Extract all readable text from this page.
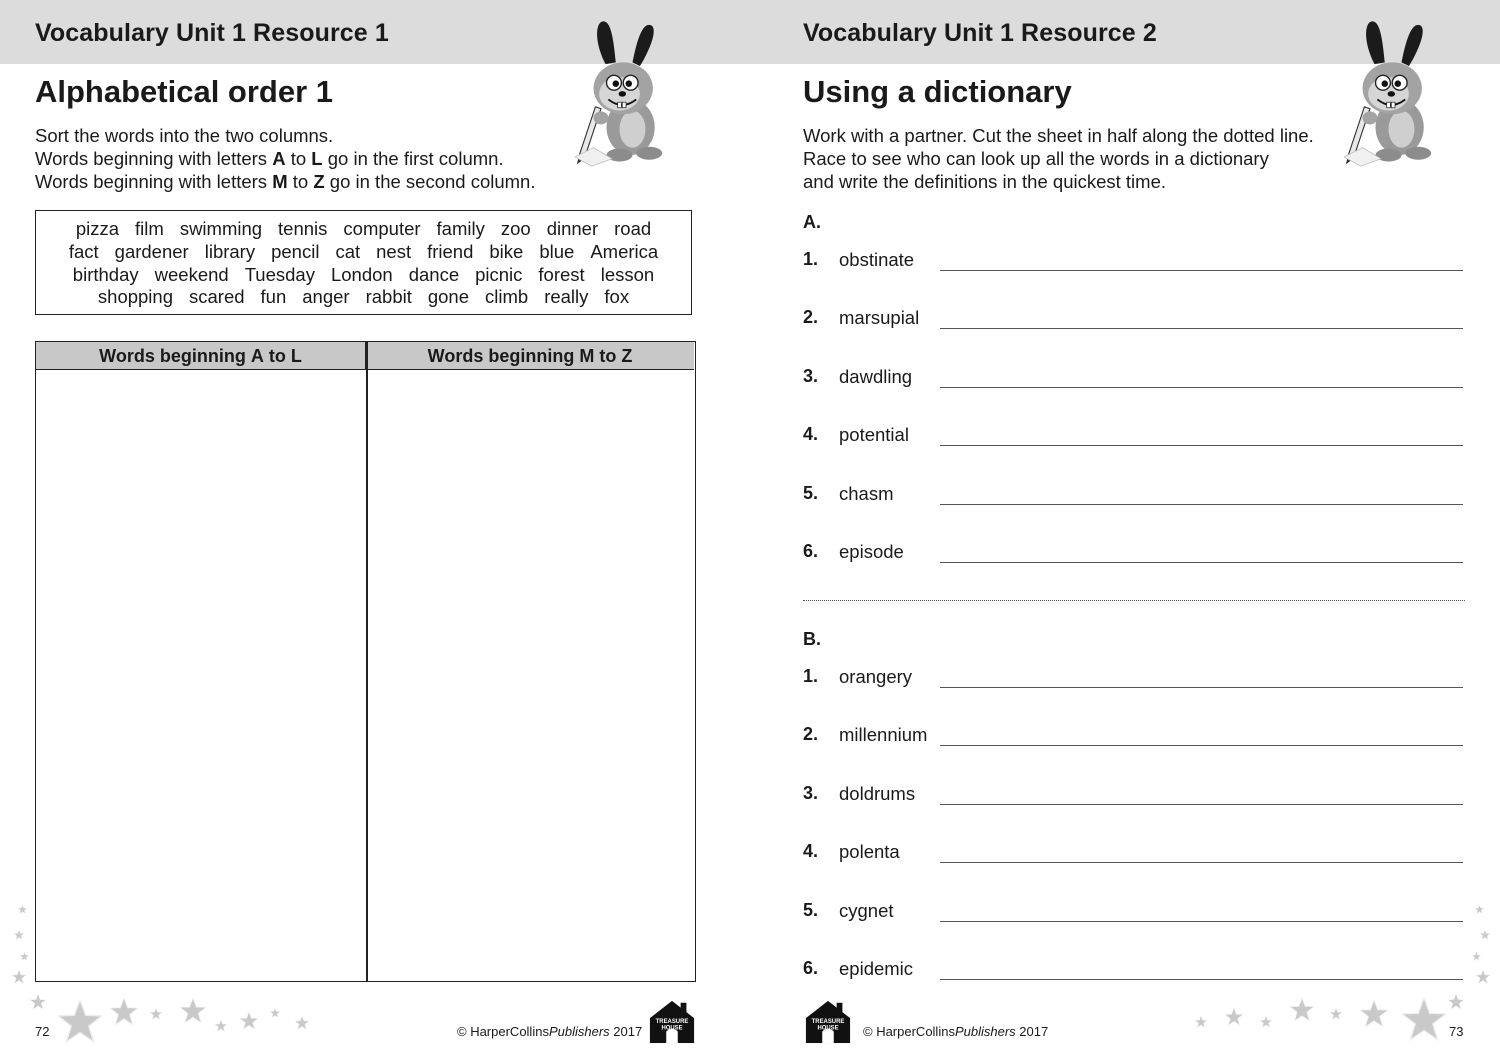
Vocabulary Unit 1 Resource 1
Alphabetical order 1
Sort the words into the two columns.
Words beginning with letters A to L go in the first column.
Words beginning with letters M to Z go in the second column.
pizza film swimming tennis computer family zoo dinner road
fact gardener library pencil cat nest friend bike blue America
birthday weekend Tuesday London dance picnic forest lesson
shopping scared fun anger rabbit gone climb really fox
Words beginning A to L	Words beginning M to Z
72	© HarperCollinsPublishers 2017
TREASURE
HOUSE
Vocabulary Unit 1 Resource 2
Using a dictionary
Work with a partner. Cut the sheet in half along the dotted line.
Race to see who can look up all the words in a dictionary
and write the definitions in the quickest time.
A.
1. obstinate
2. marsupial
3. dawdling
4. potential
5. chasm
6. episode
B.
1. orangery
2. millennium
3. doldrums
4. polenta
5. cygnet
6. epidemic
TREASURE
HOUSE © HarperCollinsPublishers 2017	73
